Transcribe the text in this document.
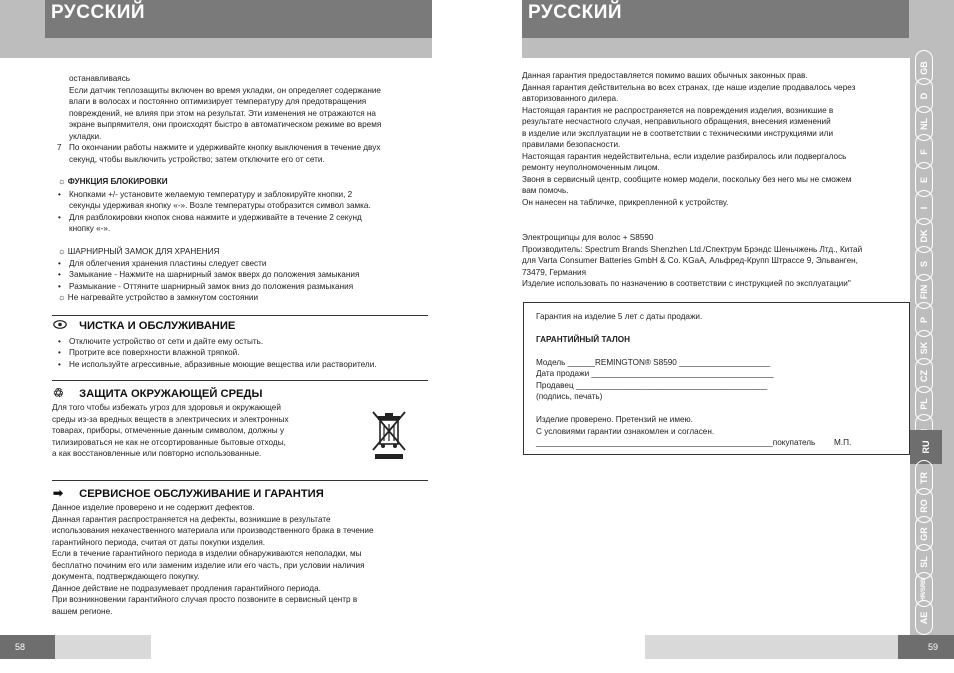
РУССКИЙ	РУССКИЙ
останавливаясь
Если датчик теплозащиты включен во время укладки, он определяет содержание
влаги в волосах и постоянно оптимизирует температуру для предотвращения
повреждений, не влияя при этом на результат. Эти изменения не отражаются на
экране выпрямителя, они происходят быстро в автоматическом режиме во время
укладки.
7 По окончании работы нажмите и удерживайте кнопку выключения в течение двух
секунд, чтобы выключить устройство; затем отключите его от сети.
☼ ФУНКЦИЯ БЛОКИРОВКИ
• Кнопками +/- установите желаемую температуру и заблокируйте кнопки, 2
секунды удерживая кнопку «-». Возле температуры отобразится символ замка.
• Для разблокировки кнопок снова нажмите и удерживайте в течение 2 секунд
кнопку «-».
☼ ШАРНИРНЫЙ ЗАМОК ДЛЯ ХРАНЕНИЯ
• Для облегчения хранения пластины следует свести
• Замыкание - Нажмите на шарнирный замок вверх до положения замыкания
• Размыкание - Оттяните шарнирный замок вниз до положения размыкания
☼ Не нагревайте устройство в замкнутом состоянии
ЧИСТКА И ОБСЛУЖИВАНИЕ
• Отключите устройство от сети и дайте ему остыть.
• Протрите все поверхности влажной тряпкой.
• Не используйте агрессивные, абразивные моющие вещества или растворители.
♲ ЗАЩИТА ОКРУЖАЮЩЕЙ СРЕДЫ
Для того чтобы избежать угроз для здоровья и окружающей
среды из-за вредных веществ в электрических и электронных
товарах, приборы, отмеченные данным символом, должны у
тилизироваться не как не отсортированные бытовые отходы,
а как восстановленные или повторно использованные.
➡ СЕРВИСНОЕ ОБСЛУЖИВАНИЕ И ГАРАНТИЯ
Данное изделие проверено и не содержит дефектов.
Данная гарантия распространяется на дефекты, возникшие в результате
использования некачественного материала или производственного брака в течение
гарантийного периода, считая от даты покупки изделия.
Если в течение гарантийного периода в изделии обнаруживаются неполадки, мы
бесплатно починим его или заменим изделие или его часть, при условии наличия
документа, подтверждающего покупку.
Данное действие не подразумевает продления гарантийного периода.
При возникновении гарантийного случая просто позвоните в сервисный центр в
вашем регионе.
58
Данная гарантия предоставляется помимо ваших обычных законных прав.
Данная гарантия действительна во всех странах, где наше изделие продавалось через
авторизованного дилера.
Настоящая гарантия не распространяется на повреждения изделия, возникшие в
результате несчастного случая, неправильного обращения, внесения изменений
в изделие или эксплуатации не в соответствии с техническими инструкциями или
правилами безопасности.
Настоящая гарантия недействительна, если изделие разбиралось или подвергалось
ремонту неуполномоченным лицом.
Звоня в сервисный центр, сообщите номер модели, поскольку без него мы не сможем
вам помочь.
Он нанесен на табличке, прикрепленной к устройству.
Электрощипцы для волос + S8590
Производитель: Spectrum Brands Shenzhen Ltd./Спектрум Брэндс Шеньчжень Лтд., Китай
для Varta Consumer Batteries GmbH & Co. KGaA, Альфред-Крупп Штрассе 9, Эльванген,
73479, Германия
Изделие использовать по назначению в соответствии с инструкцией по эксплуатации"
Гарантия на изделие 5 лет с даты продажи.
ГАРАНТИЙНЫЙ ТАЛОН
Модель ______REMINGTON® S8590 ____________________
Дата продажи ________________________________________
Продавец __________________________________________
(подпись, печать)
Изделие проверено. Претензий не имею.
С условиями гарантии ознакомлен и согласен.
____________________________________________________покупатель М.П.
59
GB
D
NL
F
E
I
DK
S
FIN
P
SK
CZ
PL
RU
TR
RO
GR
SL
HR/SRB
AE
